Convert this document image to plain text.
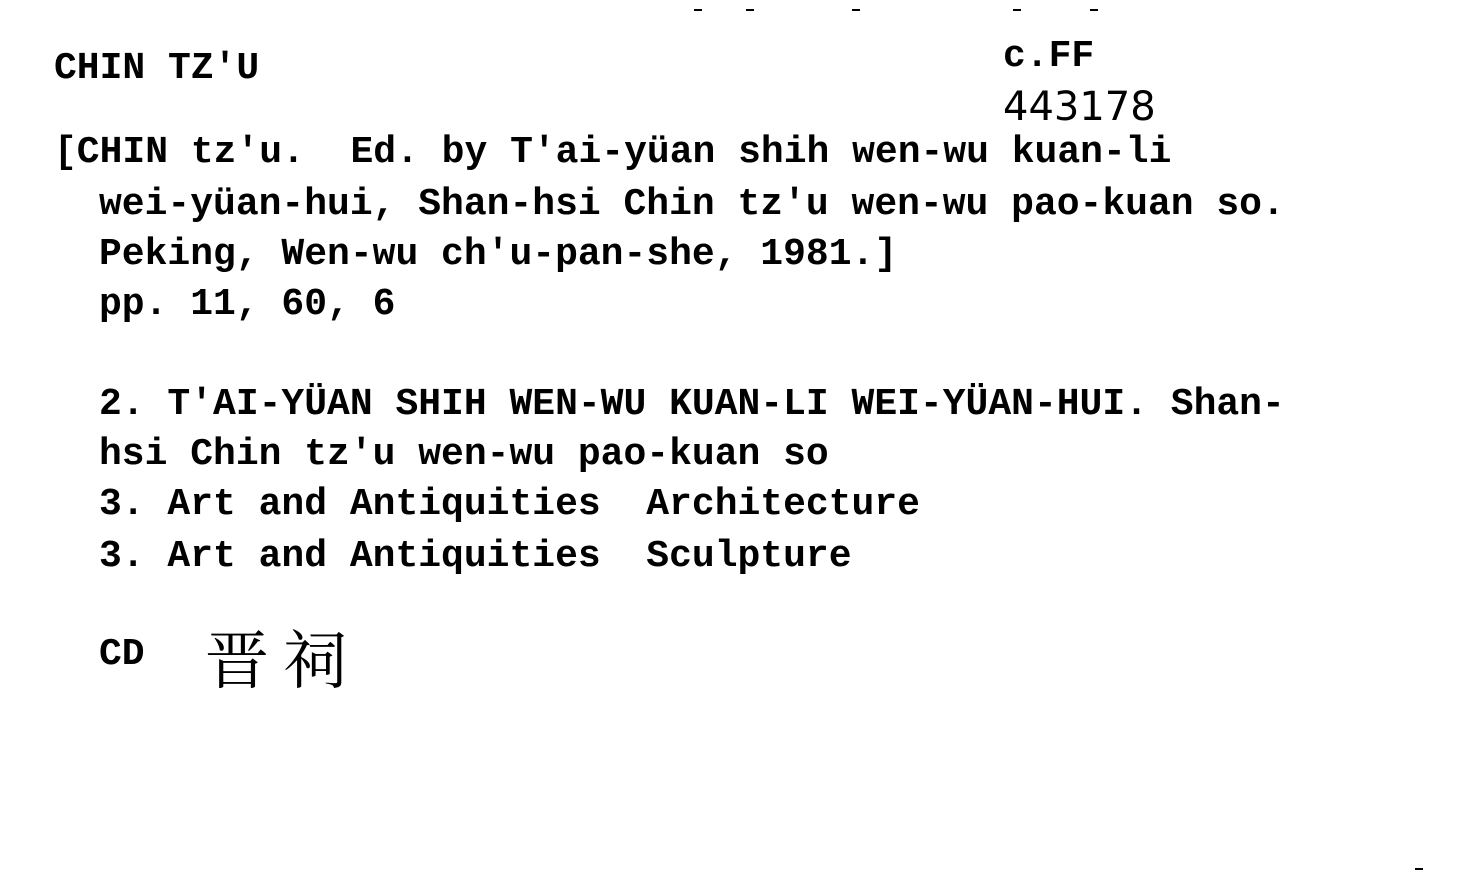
CHIN TZ'U	c.FF
443178
[CHIN tz'u.  Ed. by T'ai-yüan shih wen-wu kuan-li
wei-yüan-hui, Shan-hsi Chin tz'u wen-wu pao-kuan so.
Peking, Wen-wu ch'u-pan-she, 1981.]
pp. 11, 60, 6
2. T'AI-YÜAN SHIH WEN-WU KUAN-LI WEI-YÜAN-HUI. Shan-
hsi Chin tz'u wen-wu pao-kuan so
3. Art and Antiquities  Architecture
3. Art and Antiquities  Sculpture
CD 晋祠
